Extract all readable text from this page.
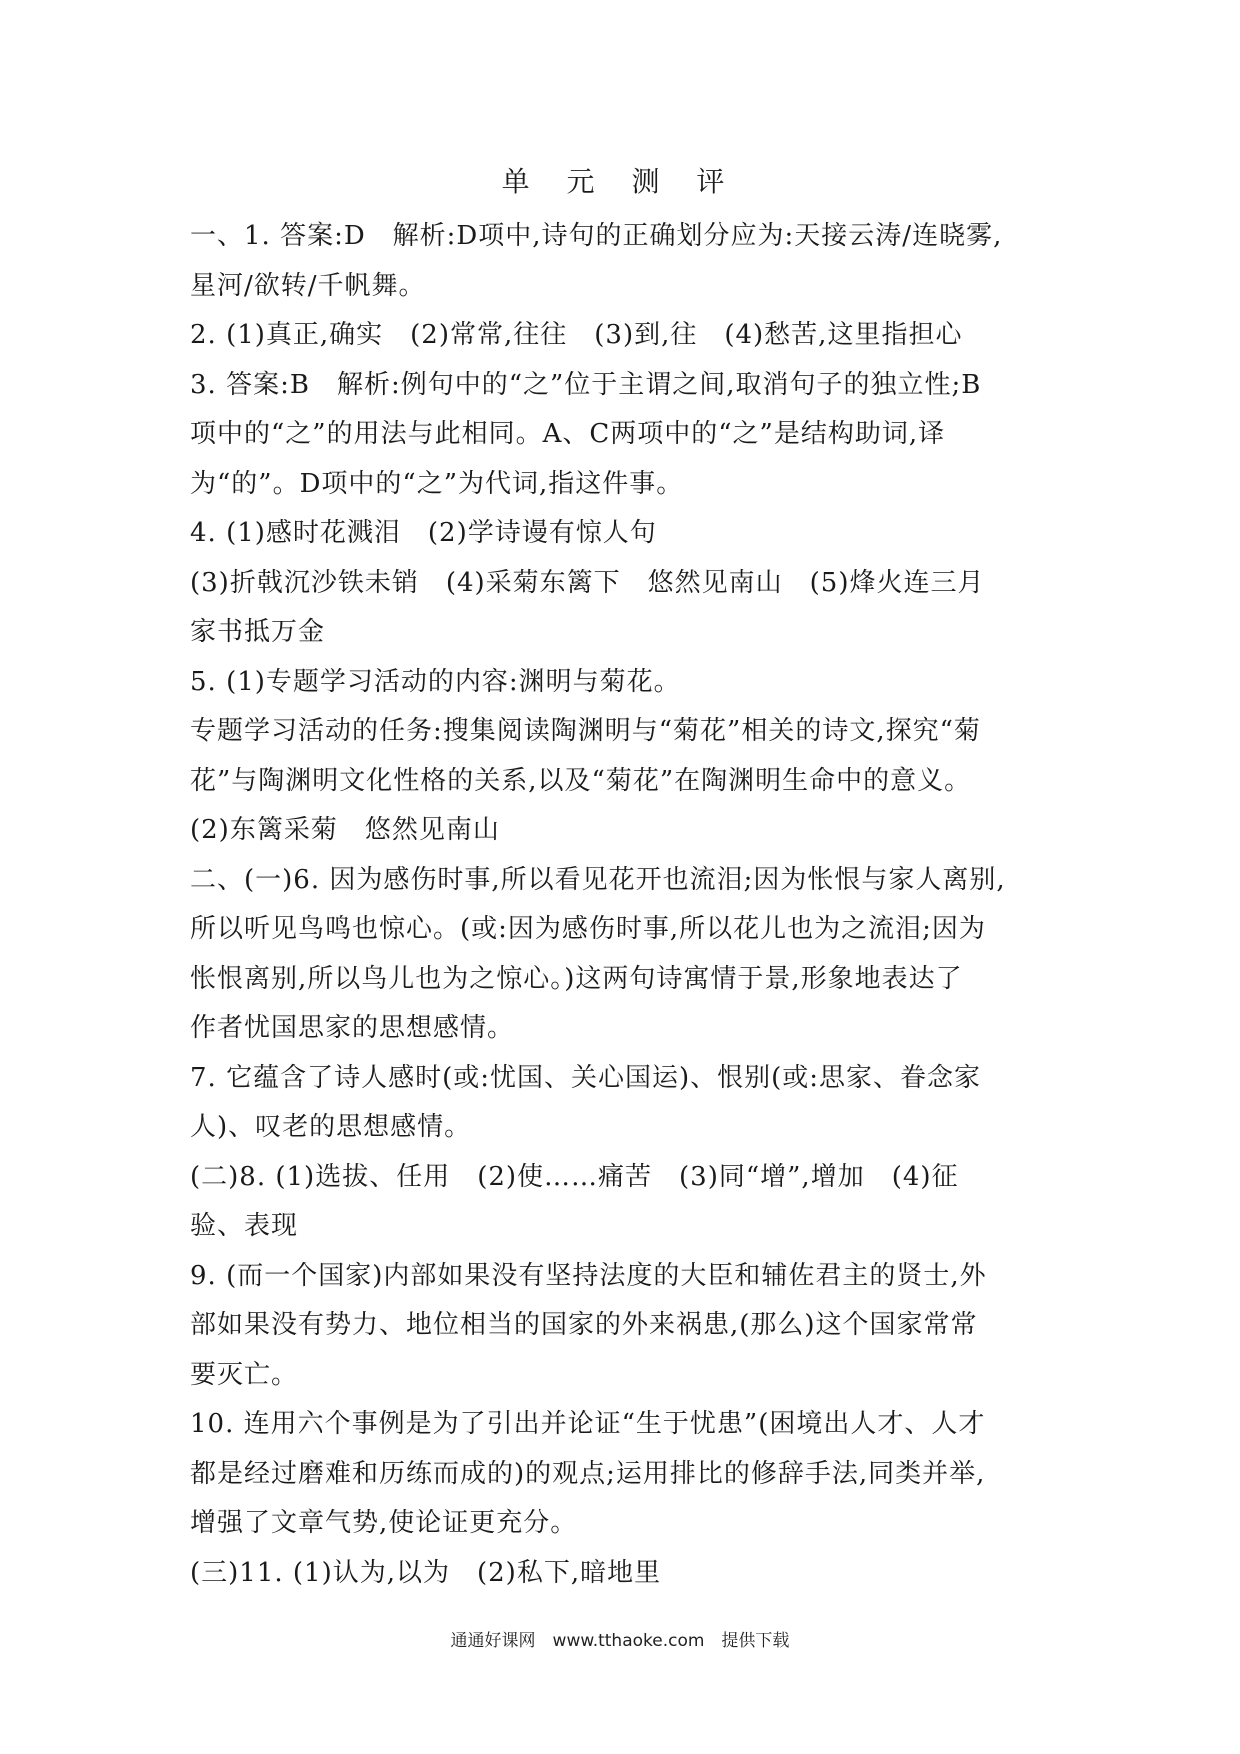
单 元 测 评

一、1. 答案:D　解析:D项中,诗句的正确划分应为:天接云涛/连晓雾,

星河/欲转/千帆舞。

2. (1)真正,确实　(2)常常,往往　(3)到,往　(4)愁苦,这里指担心

3. 答案:B　解析:例句中的“之”位于主谓之间,取消句子的独立性;B

项中的“之”的用法与此相同。A、C两项中的“之”是结构助词,译

为“的”。D项中的“之”为代词,指这件事。

4. (1)感时花溅泪　(2)学诗谩有惊人句

(3)折戟沉沙铁未销　(4)采菊东篱下　悠然见南山　(5)烽火连三月

家书抵万金

5. (1)专题学习活动的内容:渊明与菊花。

专题学习活动的任务:搜集阅读陶渊明与“菊花”相关的诗文,探究“菊

花”与陶渊明文化性格的关系,以及“菊花”在陶渊明生命中的意义。

(2)东篱采菊　悠然见南山

二、(一)6. 因为感伤时事,所以看见花开也流泪;因为怅恨与家人离别,

所以听见鸟鸣也惊心。(或:因为感伤时事,所以花儿也为之流泪;因为

怅恨离别,所以鸟儿也为之惊心。)这两句诗寓情于景,形象地表达了

作者忧国思家的思想感情。

7. 它蕴含了诗人感时(或:忧国、关心国运)、恨别(或:思家、眷念家

人)、叹老的思想感情。

(二)8. (1)选拔、任用　(2)使……痛苦　(3)同“增”,增加　(4)征

验、表现

9. (而一个国家)内部如果没有坚持法度的大臣和辅佐君主的贤士,外

部如果没有势力、地位相当的国家的外来祸患,(那么)这个国家常常

要灭亡。

10. 连用六个事例是为了引出并论证“生于忧患”(困境出人才、人才

都是经过磨难和历练而成的)的观点;运用排比的修辞手法,同类并举,

增强了文章气势,使论证更充分。

(三)11. (1)认为,以为　(2)私下,暗地里

通通好课网　www.tthaoke.com　提供下载
